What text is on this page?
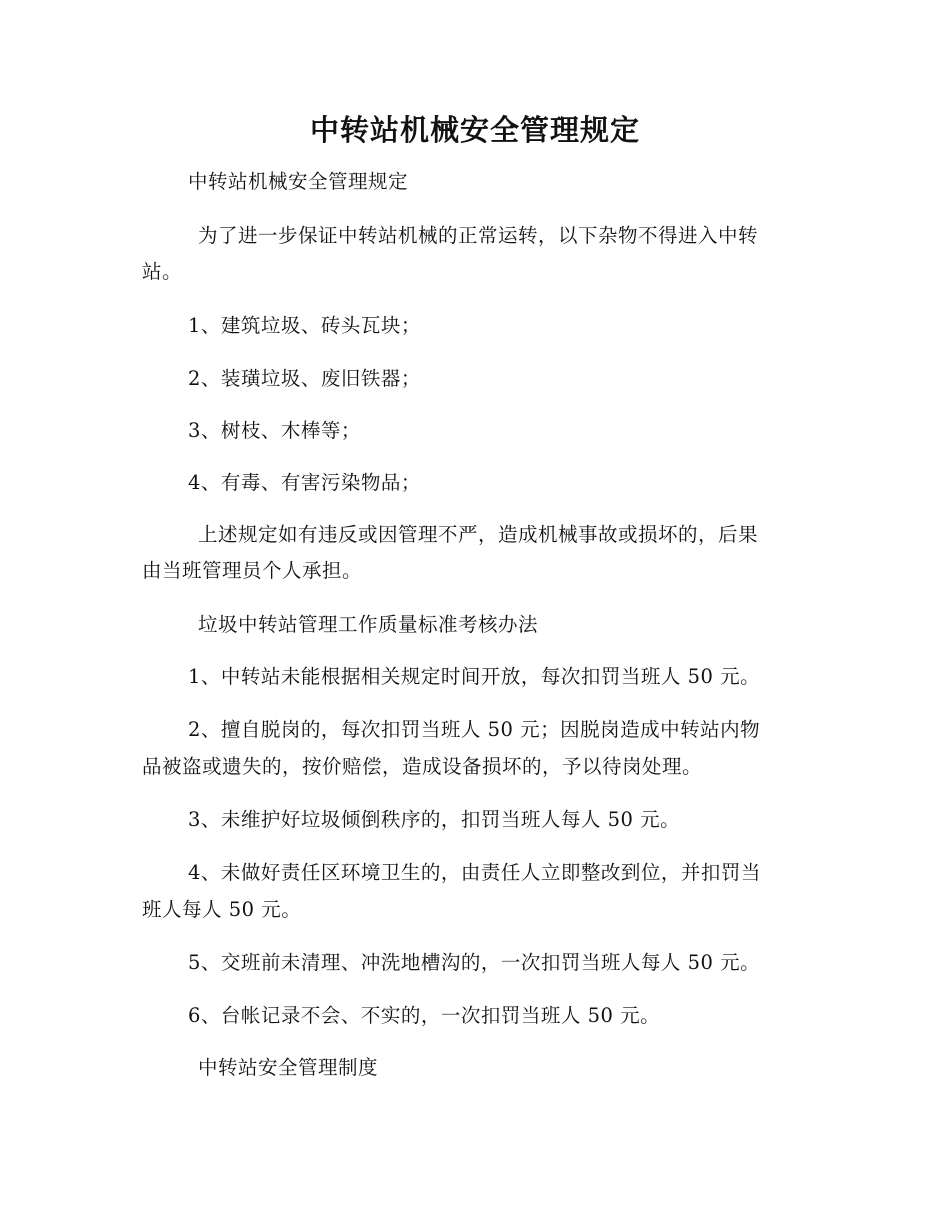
中转站机械安全管理规定
中转站机械安全管理规定
为了进一步保证中转站机械的正常运转，以下杂物不得进入中转
站。
1、建筑垃圾、砖头瓦块；
2、装璜垃圾、废旧铁器；
3、树枝、木棒等；
4、有毒、有害污染物品；
上述规定如有违反或因管理不严，造成机械事故或损坏的，后果
由当班管理员个人承担。
垃圾中转站管理工作质量标准考核办法
1、中转站未能根据相关规定时间开放，每次扣罚当班人 50 元。
2、擅自脱岗的，每次扣罚当班人 50 元；因脱岗造成中转站内物
品被盗或遗失的，按价赔偿，造成设备损坏的，予以待岗处理。
3、未维护好垃圾倾倒秩序的，扣罚当班人每人 50 元。
4、未做好责任区环境卫生的，由责任人立即整改到位，并扣罚当
班人每人 50 元。
5、交班前未清理、冲洗地槽沟的，一次扣罚当班人每人 50 元。
6、台帐记录不会、不实的，一次扣罚当班人 50 元。
中转站安全管理制度
